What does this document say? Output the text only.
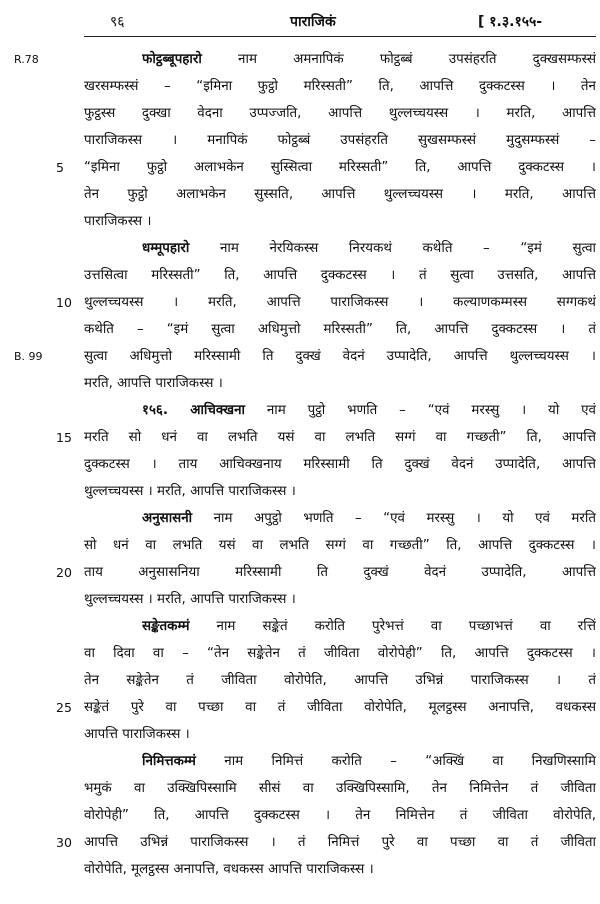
९६	पाराजिकं	[ १.३.१५५-
R.78
B. 99
5
10
15
20
25
30
फोट्ठब्बूपहारो नाम अमनापिकं फोट्ठब्बं उपसंहरति दुक्खसम्फस्सं
खरसम्फस्सं – “इमिना फुट्ठो मरिस्सती” ति, आपत्ति दुक्कटस्स । तेन
फुट्ठस्स दुक्खा वेदना उप्पज्जति, आपत्ति थुल्लच्चयस्स । मरति, आपत्ति
पाराजिकस्स । मनापिकं फोट्ठब्बं उपसंहरति सुखसम्फस्सं मुदुसम्फस्सं –
“इमिना फुट्ठो अलाभकेन सुस्सित्वा मरिस्सती” ति, आपत्ति दुक्कटस्स ।
तेन फुट्ठो अलाभकेन सुस्सति, आपत्ति थुल्लच्चयस्स । मरति, आपत्ति
पाराजिकस्स ।
धम्मूपहारो नाम नेरयिकस्स निरयकथं कथेति – “इमं सुत्वा
उत्तसित्वा मरिस्सती” ति, आपत्ति दुक्कटस्स । तं सुत्वा उत्तसति, आपत्ति
थुल्लच्चयस्स । मरति, आपत्ति पाराजिकस्स । कल्याणकम्मस्स सग्गकथं
कथेति – “इमं सुत्वा अधिमुत्तो मरिस्सती” ति, आपत्ति दुक्कटस्स । तं
सुत्वा अधिमुत्तो मरिस्सामी ति दुक्खं वेदनं उप्पादेति, आपत्ति थुल्लच्चयस्स ।
मरति, आपत्ति पाराजिकस्स ।
१५६. आचिक्खना नाम पुट्ठो भणति – “एवं मरस्सु । यो एवं
मरति सो धनं वा लभति यसं वा लभति सग्गं वा गच्छती” ति, आपत्ति
दुक्कटस्स । ताय आचिक्खनाय मरिस्सामी ति दुक्खं वेदनं उप्पादेति, आपत्ति
थुल्लच्चयस्स । मरति, आपत्ति पाराजिकस्स ।
अनुसासनी नाम अपुट्ठो भणति – “एवं मरस्सु । यो एवं मरति
सो धनं वा लभति यसं वा लभति सग्गं वा गच्छती” ति, आपत्ति दुक्कटस्स ।
ताय अनुसासनिया मरिस्सामी ति दुक्खं वेदनं उप्पादेति, आपत्ति
थुल्लच्चयस्स । मरति, आपत्ति पाराजिकस्स ।
सङ्केतकम्मं नाम सङ्केतं करोति पुरेभत्तं वा पच्छाभत्तं वा रत्तिं
वा दिवा वा – “तेन सङ्केतेन तं जीविता वोरोपेही” ति, आपत्ति दुक्कटस्स ।
तेन सङ्केतेन तं जीविता वोरोपेति, आपत्ति उभिन्नं पाराजिकस्स । तं
सङ्केतं पुरे वा पच्छा वा तं जीविता वोरोपेति, मूलट्ठस्स अनापत्ति, वधकस्स
आपत्ति पाराजिकस्स ।
निमित्तकम्मं नाम निमित्तं करोति – “अक्खिं वा निखणिस्सामि
भमुकं वा उक्खिपिस्सामि सीसं वा उक्खिपिस्सामि, तेन निमित्तेन तं जीविता
वोरोपेही” ति, आपत्ति दुक्कटस्स । तेन निमित्तेन तं जीविता वोरोपेति,
आपत्ति उभिन्नं पाराजिकस्स । तं निमित्तं पुरे वा पच्छा वा तं जीविता
वोरोपेति, मूलट्ठस्स अनापत्ति, वधकस्स आपत्ति पाराजिकस्स ।
